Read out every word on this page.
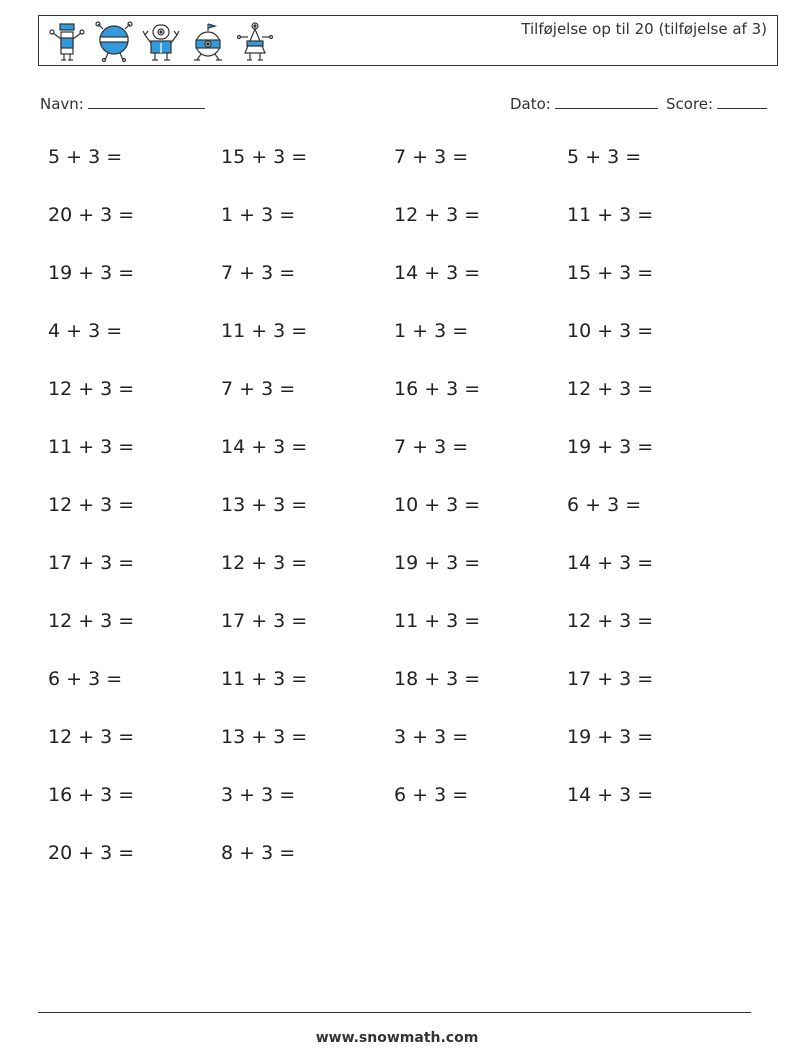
Tilføjelse op til 20 (tilføjelse af 3)
Navn:	Dato:	Score:
5 + 3 =	15 + 3 =	7 + 3 =	5 + 3 =
20 + 3 =	1 + 3 =	12 + 3 =	11 + 3 =
19 + 3 =	7 + 3 =	14 + 3 =	15 + 3 =
4 + 3 =	11 + 3 =	1 + 3 =	10 + 3 =
12 + 3 =	7 + 3 =	16 + 3 =	12 + 3 =
11 + 3 =	14 + 3 =	7 + 3 =	19 + 3 =
12 + 3 =	13 + 3 =	10 + 3 =	6 + 3 =
17 + 3 =	12 + 3 =	19 + 3 =	14 + 3 =
12 + 3 =	17 + 3 =	11 + 3 =	12 + 3 =
6 + 3 =	11 + 3 =	18 + 3 =	17 + 3 =
12 + 3 =	13 + 3 =	3 + 3 =	19 + 3 =
16 + 3 =	3 + 3 =	6 + 3 =	14 + 3 =
20 + 3 =	8 + 3 =
www.snowmath.com
